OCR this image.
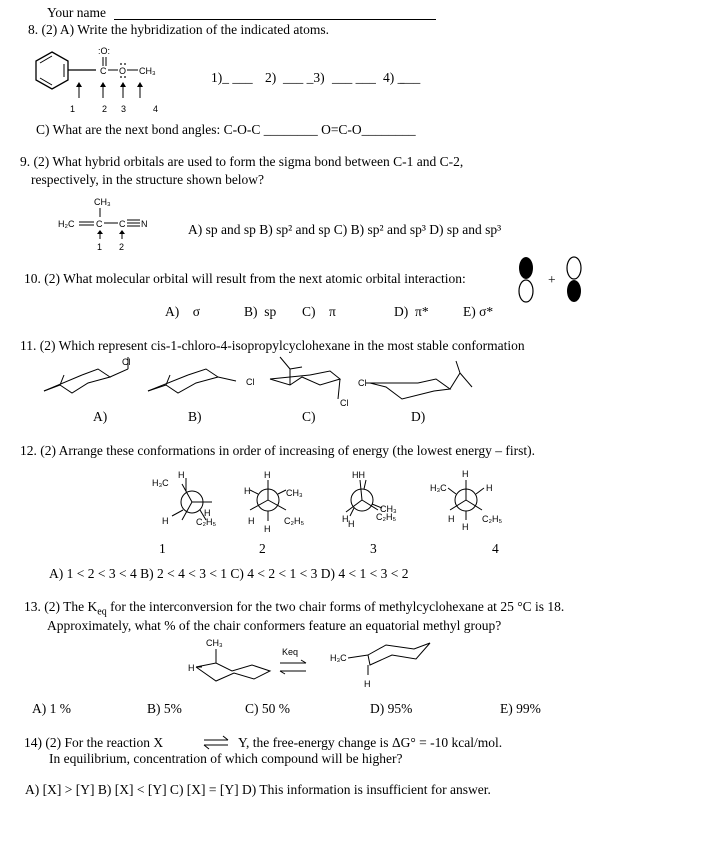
Your name
8. (2) A) Write the hybridization of the indicated atoms.
:O:
C O CH₃
1	2 3	4
1)_ ___ 2) ___ _3) ___ ___ 4) _
___
C) What are the next bond angles: C-O-C ________ O=C-O________
9. (2) What hybrid orbitals are used to form the sigma bond between C-1 and C-2,
respectively, in the structure shown below?
CH₃
H₂C C C N
1 2
A) sp and sp B) sp² and sp C) B) sp² and sp³ D) sp and sp³
10. (2) What molecular orbital will result from the next atomic orbital interaction:	+
A) σ	B) sp C) π	D) π*	E) σ*
11. (2) Which represent cis-1-chloro-4-isopropylcyclohexane in the most stable conformation
Cl
Cl
Cl
Cl
A)	B)	C)	D)
12. (2) Arrange these conformations in order of increasing of energy (the lowest energy – first).
H₃C
H
H
C₂H₅
H
H
H	CH₃
H
H
C₂H₅
HH
CH₃
C₂H₅
H H
H
H₃C	H
H
H
C₂H₅
1	2	3	4
A) 1 < 2 < 3 < 4 B) 2 < 4 < 3 < 1 C) 4 < 2 < 1 < 3 D) 4 < 1 < 3 < 2
13. (2) The $K_{eq}$ for the interconversion for the two chair forms of methylcyclohexane at 25 °C is 18.
Approximately, what % of the chair conformers feature an equatorial methyl group?
CH₃
H
Keq
H₃C
H
A) 1 %	B) 5%	C) 50 %	D) 95%	E) 99%
14) (2) For the reaction X	⇌ Y, the free-energy change is ΔG° = -10 kcal/mol.
In equilibrium, concentration of which compound will be higher?
A) [X] > [Y] B) [X] < [Y] C) [X] = [Y] D) This information is insufficient for answer.
